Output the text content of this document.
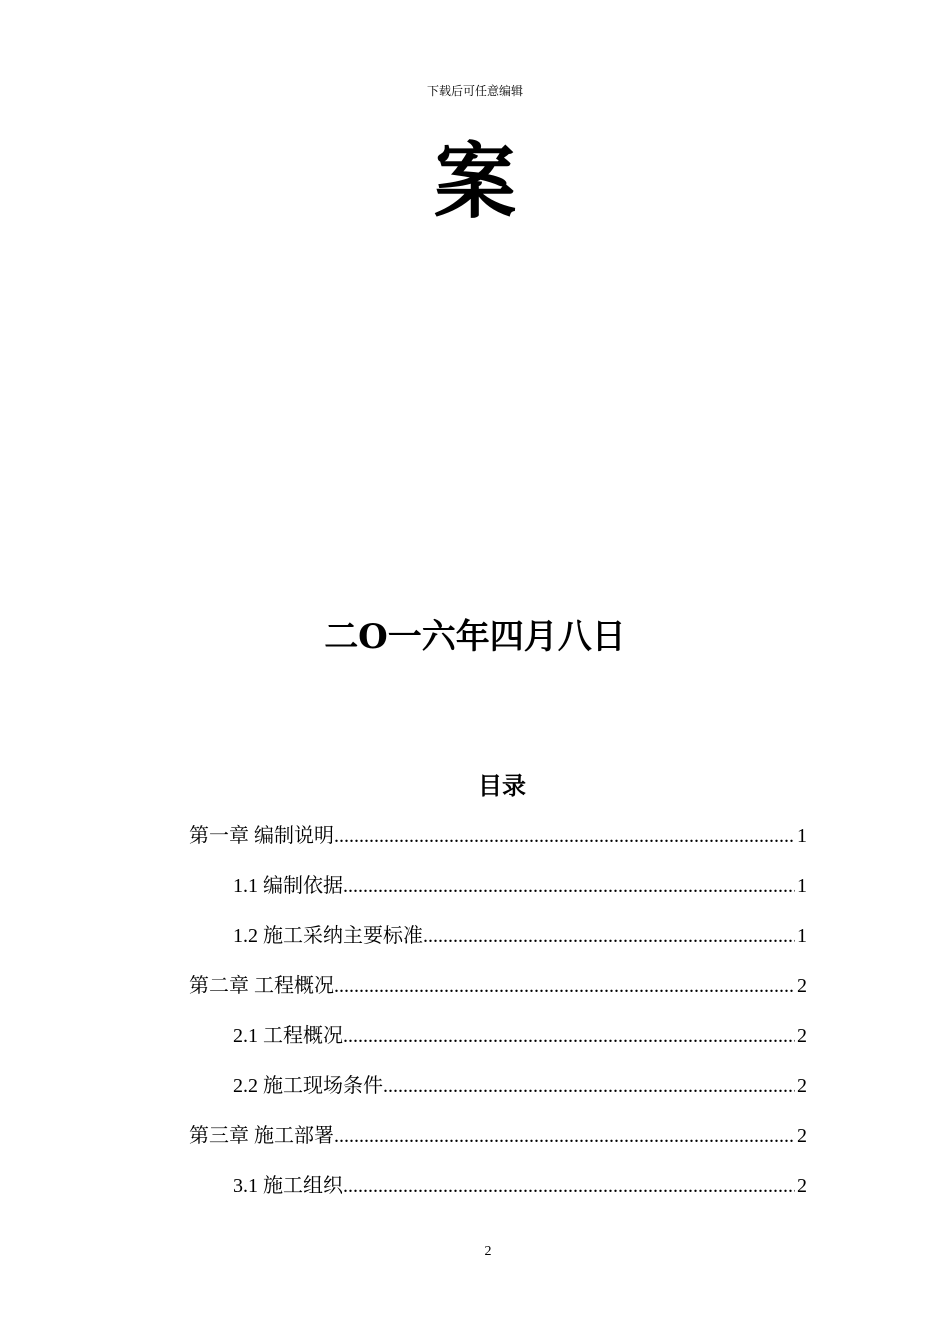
下载后可任意编辑
案
二O一六年四月八日
目录
第一章 编制说明 .....	1
1.1 编制依据 .....	1
1.2 施工采纳主要标准 .....	1
第二章 工程概况 .....	2
2.1 工程概况 .....	2
2.2 施工现场条件 .....	2
第三章 施工部署 .....	2
3.1 施工组织 .....	2
2
